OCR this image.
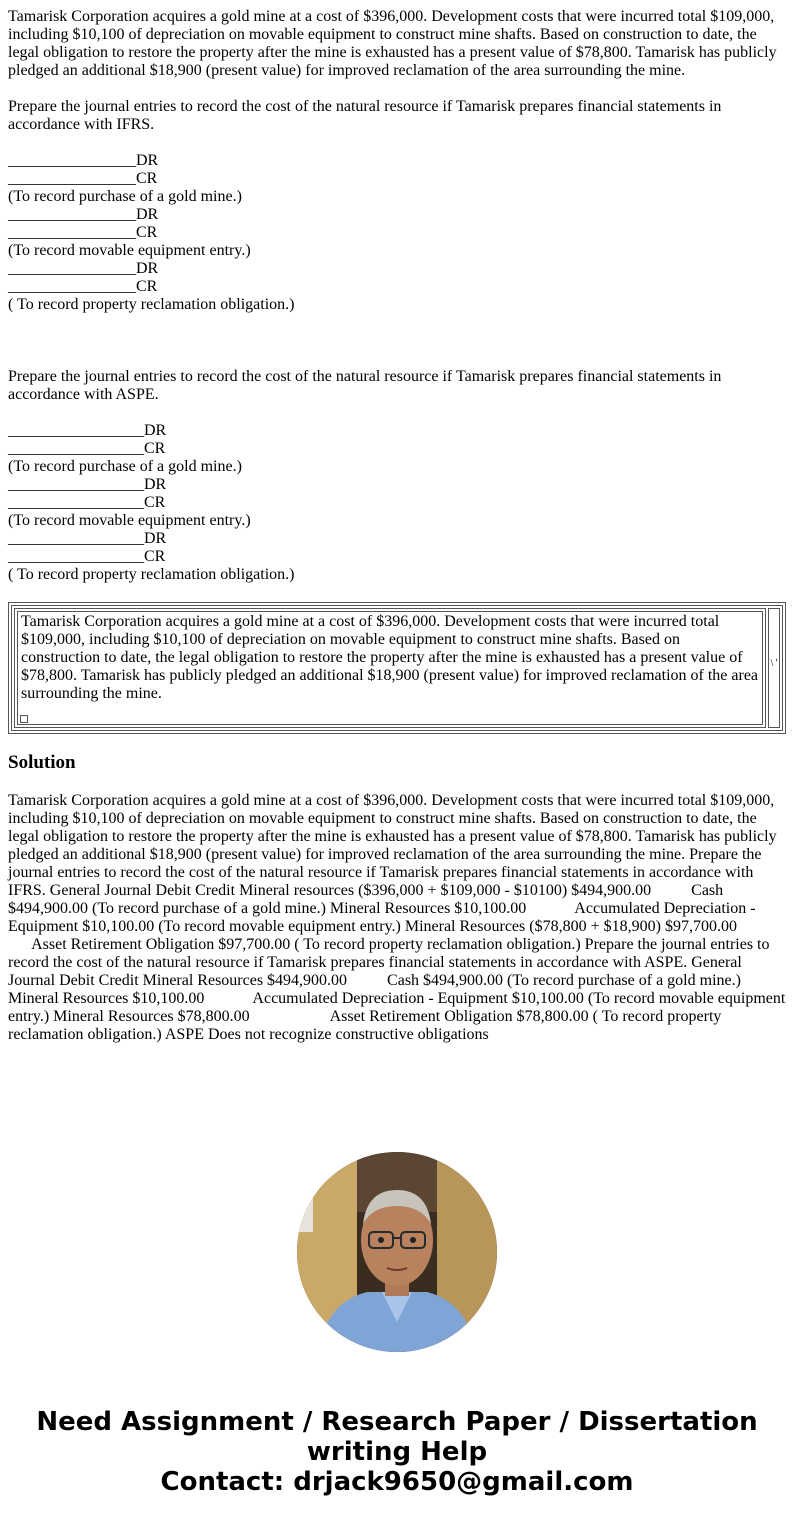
Tamarisk Corporation acquires a gold mine at a cost of $396,000. Development costs that were incurred total $109,000, including $10,100 of depreciation on movable equipment to construct mine shafts. Based on construction to date, the legal obligation to restore the property after the mine is exhausted has a present value of $78,800. Tamarisk has publicly pledged an additional $18,900 (present value) for improved reclamation of the area surrounding the mine.

Prepare the journal entries to record the cost of the natural resource if Tamarisk prepares financial statements in accordance with IFRS.

________________DR
________________CR
(To record purchase of a gold mine.)
________________DR
________________CR
(To record movable equipment entry.)
________________DR
________________CR
( To record property reclamation obligation.)

Prepare the journal entries to record the cost of the natural resource if Tamarisk prepares financial statements in accordance with ASPE.

_________________DR
_________________CR
(To record purchase of a gold mine.)
_________________DR
_________________CR
(To record movable equipment entry.)
_________________DR
_________________CR
( To record property reclamation obligation.)
Tamarisk Corporation acquires a gold mine at a cost of $396,000. Development costs that were incurred total $109,000, including $10,100 of depreciation on movable equipment to construct mine shafts. Based on construction to date, the legal obligation to restore the property after the mine is exhausted has a present value of $78,800. Tamarisk has publicly pledged an additional $18,900 (present value) for improved reclamation of the area surrounding the mine.
\ '
Solution

Tamarisk Corporation acquires a gold mine at a cost of $396,000. Development costs that were incurred total $109,000, including $10,100 of depreciation on movable equipment to construct mine shafts. Based on construction to date, the legal obligation to restore the property after the mine is exhausted has a present value of $78,800. Tamarisk has publicly pledged an additional $18,900 (present value) for improved reclamation of the area surrounding the mine. Prepare the journal entries to record the cost of the natural resource if Tamarisk prepares financial statements in accordance with IFRS. General Journal Debit Credit Mineral resources ($396,000 + $109,000 - $10100) $494,900.00          Cash $494,900.00 (To record purchase of a gold mine.) Mineral Resources $10,100.00            Accumulated Depreciation - Equipment $10,100.00 (To record movable equipment entry.) Mineral Resources ($78,800 + $18,900) $97,700.00                   Asset Retirement Obligation $97,700.00 ( To record property reclamation obligation.) Prepare the journal entries to record the cost of the natural resource if Tamarisk prepares financial statements in accordance with ASPE. General Journal Debit Credit Mineral Resources $494,900.00          Cash $494,900.00 (To record purchase of a gold mine.) Mineral Resources $10,100.00            Accumulated Depreciation - Equipment $10,100.00 (To record movable equipment entry.) Mineral Resources $78,800.00                    Asset Retirement Obligation $78,800.00 ( To record property reclamation obligation.) ASPE Does not recognize constructive obligations

Need Assignment / Research Paper / Dissertation writing Help
Contact: drjack9650@gmail.com
